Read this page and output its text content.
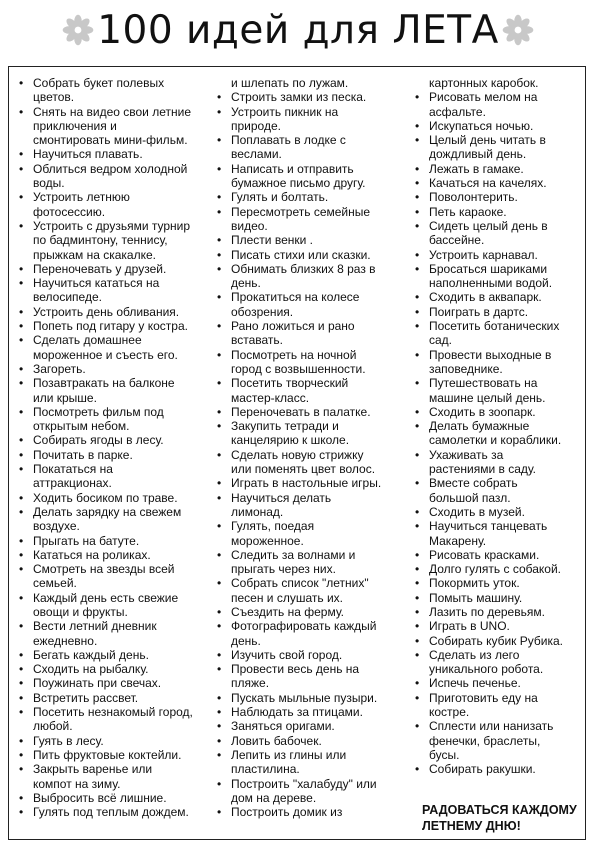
100 идей для ЛЕТА
• Собрать букет полевых
цветов.
• Снять на видео свои летние
приключения и
смонтировать мини-фильм.
• Научиться плавать.
• Облиться ведром холодной
воды.
• Устроить летнюю
фотосессию.
• Устроить с друзьями турнир
по бадминтону, теннису,
прыжкам на скакалке.
• Переночевать у друзей.
• Научиться кататься на
велосипеде.
• Устроить день обливания.
• Попеть под гитару у костра.
• Сделать домашнее
мороженное и съесть его.
• Загореть.
• Позавтракать на балконе
или крыше.
• Посмотреть фильм под
открытым небом.
• Собирать ягоды в лесу.
• Почитать в парке.
• Покататься на
аттракционах.
• Ходить босиком по траве.
• Делать зарядку на свежем
воздухе.
• Прыгать на батуте.
• Кататься на роликах.
• Смотреть на звезды всей
семьей.
• Каждый день есть свежие
овощи и фрукты.
• Вести летний дневник
ежедневно.
• Бегать каждый день.
• Сходить на рыбалку.
• Поужинать при свечах.
• Встретить рассвет.
• Посетить незнакомый город,
любой.
• Гуять в лесу.
• Пить фруктовые коктейли.
• Закрыть варенье или
компот на зиму.
• Выбросить всё лишние.
• Гулять под теплым дождем.
и шлепать по лужам.
• Строить замки из песка.
• Устроить пикник на
природе.
• Поплавать в лодке с
веслами.
• Написать и отправить
бумажное письмо другу.
• Гулять и болтать.
• Пересмотреть семейные
видео.
• Плести венки .
• Писать стихи или сказки.
• Обнимать близких 8 раз в
день.
• Прокатиться на колесе
обозрения.
• Рано ложиться и рано
вставать.
• Посмотреть на ночной
город с возвышенности.
• Посетить творческий
мастер-класс.
• Переночевать в палатке.
• Закупить тетради и
канцелярию к школе.
• Сделать новую стрижку
или поменять цвет волос.
• Играть в настольные игры.
• Научиться делать
лимонад.
• Гулять, поедая
мороженное.
• Следить за волнами и
прыгать через них.
• Собрать список "летних"
песен и слушать их.
• Съездить на ферму.
• Фотографировать каждый
день.
• Изучить свой город.
• Провести весь день на
пляже.
• Пускать мыльные пузыри.
• Наблюдать за птицами.
• Заняться оригами.
• Ловить бабочек.
• Лепить из глины или
пластилина.
• Построить "халабуду" или
дом на дереве.
• Построить домик из
картонных каробок.
• Рисовать мелом на
асфальте.
• Искупаться ночью.
• Целый день читать в
дождливый день.
• Лежать в гамаке.
• Качаться на качелях.
• Поволонтерить.
• Петь караоке.
• Сидеть целый день в
бассейне.
• Устроить карнавал.
• Бросаться шариками
наполненными водой.
• Сходить в аквапарк.
• Поиграть в дартс.
• Посетить ботанических
сад.
• Провести выходные в
заповеднике.
• Путешествовать на
машине целый день.
• Сходить в зоопарк.
• Делать бумажные
самолетки и кораблики.
• Ухаживать за
растениями в саду.
• Вместе собрать
большой пазл.
• Сходить в музей.
• Научиться танцевать
Макарену.
• Рисовать красками.
• Долго гулять с собакой.
• Покормить уток.
• Помыть машину.
• Лазить по деревьям.
• Играть в UNO.
• Собирать кубик Рубика.
• Сделать из лего
уникального робота.
• Испечь печенье.
• Приготовить еду на
костре.
• Сплести или нанизать
фенечки, браслеты,
бусы.
• Собирать ракушки.
РАДОВАТЬСЯ КАЖДОМУ
ЛЕТНЕМУ ДНЮ!
